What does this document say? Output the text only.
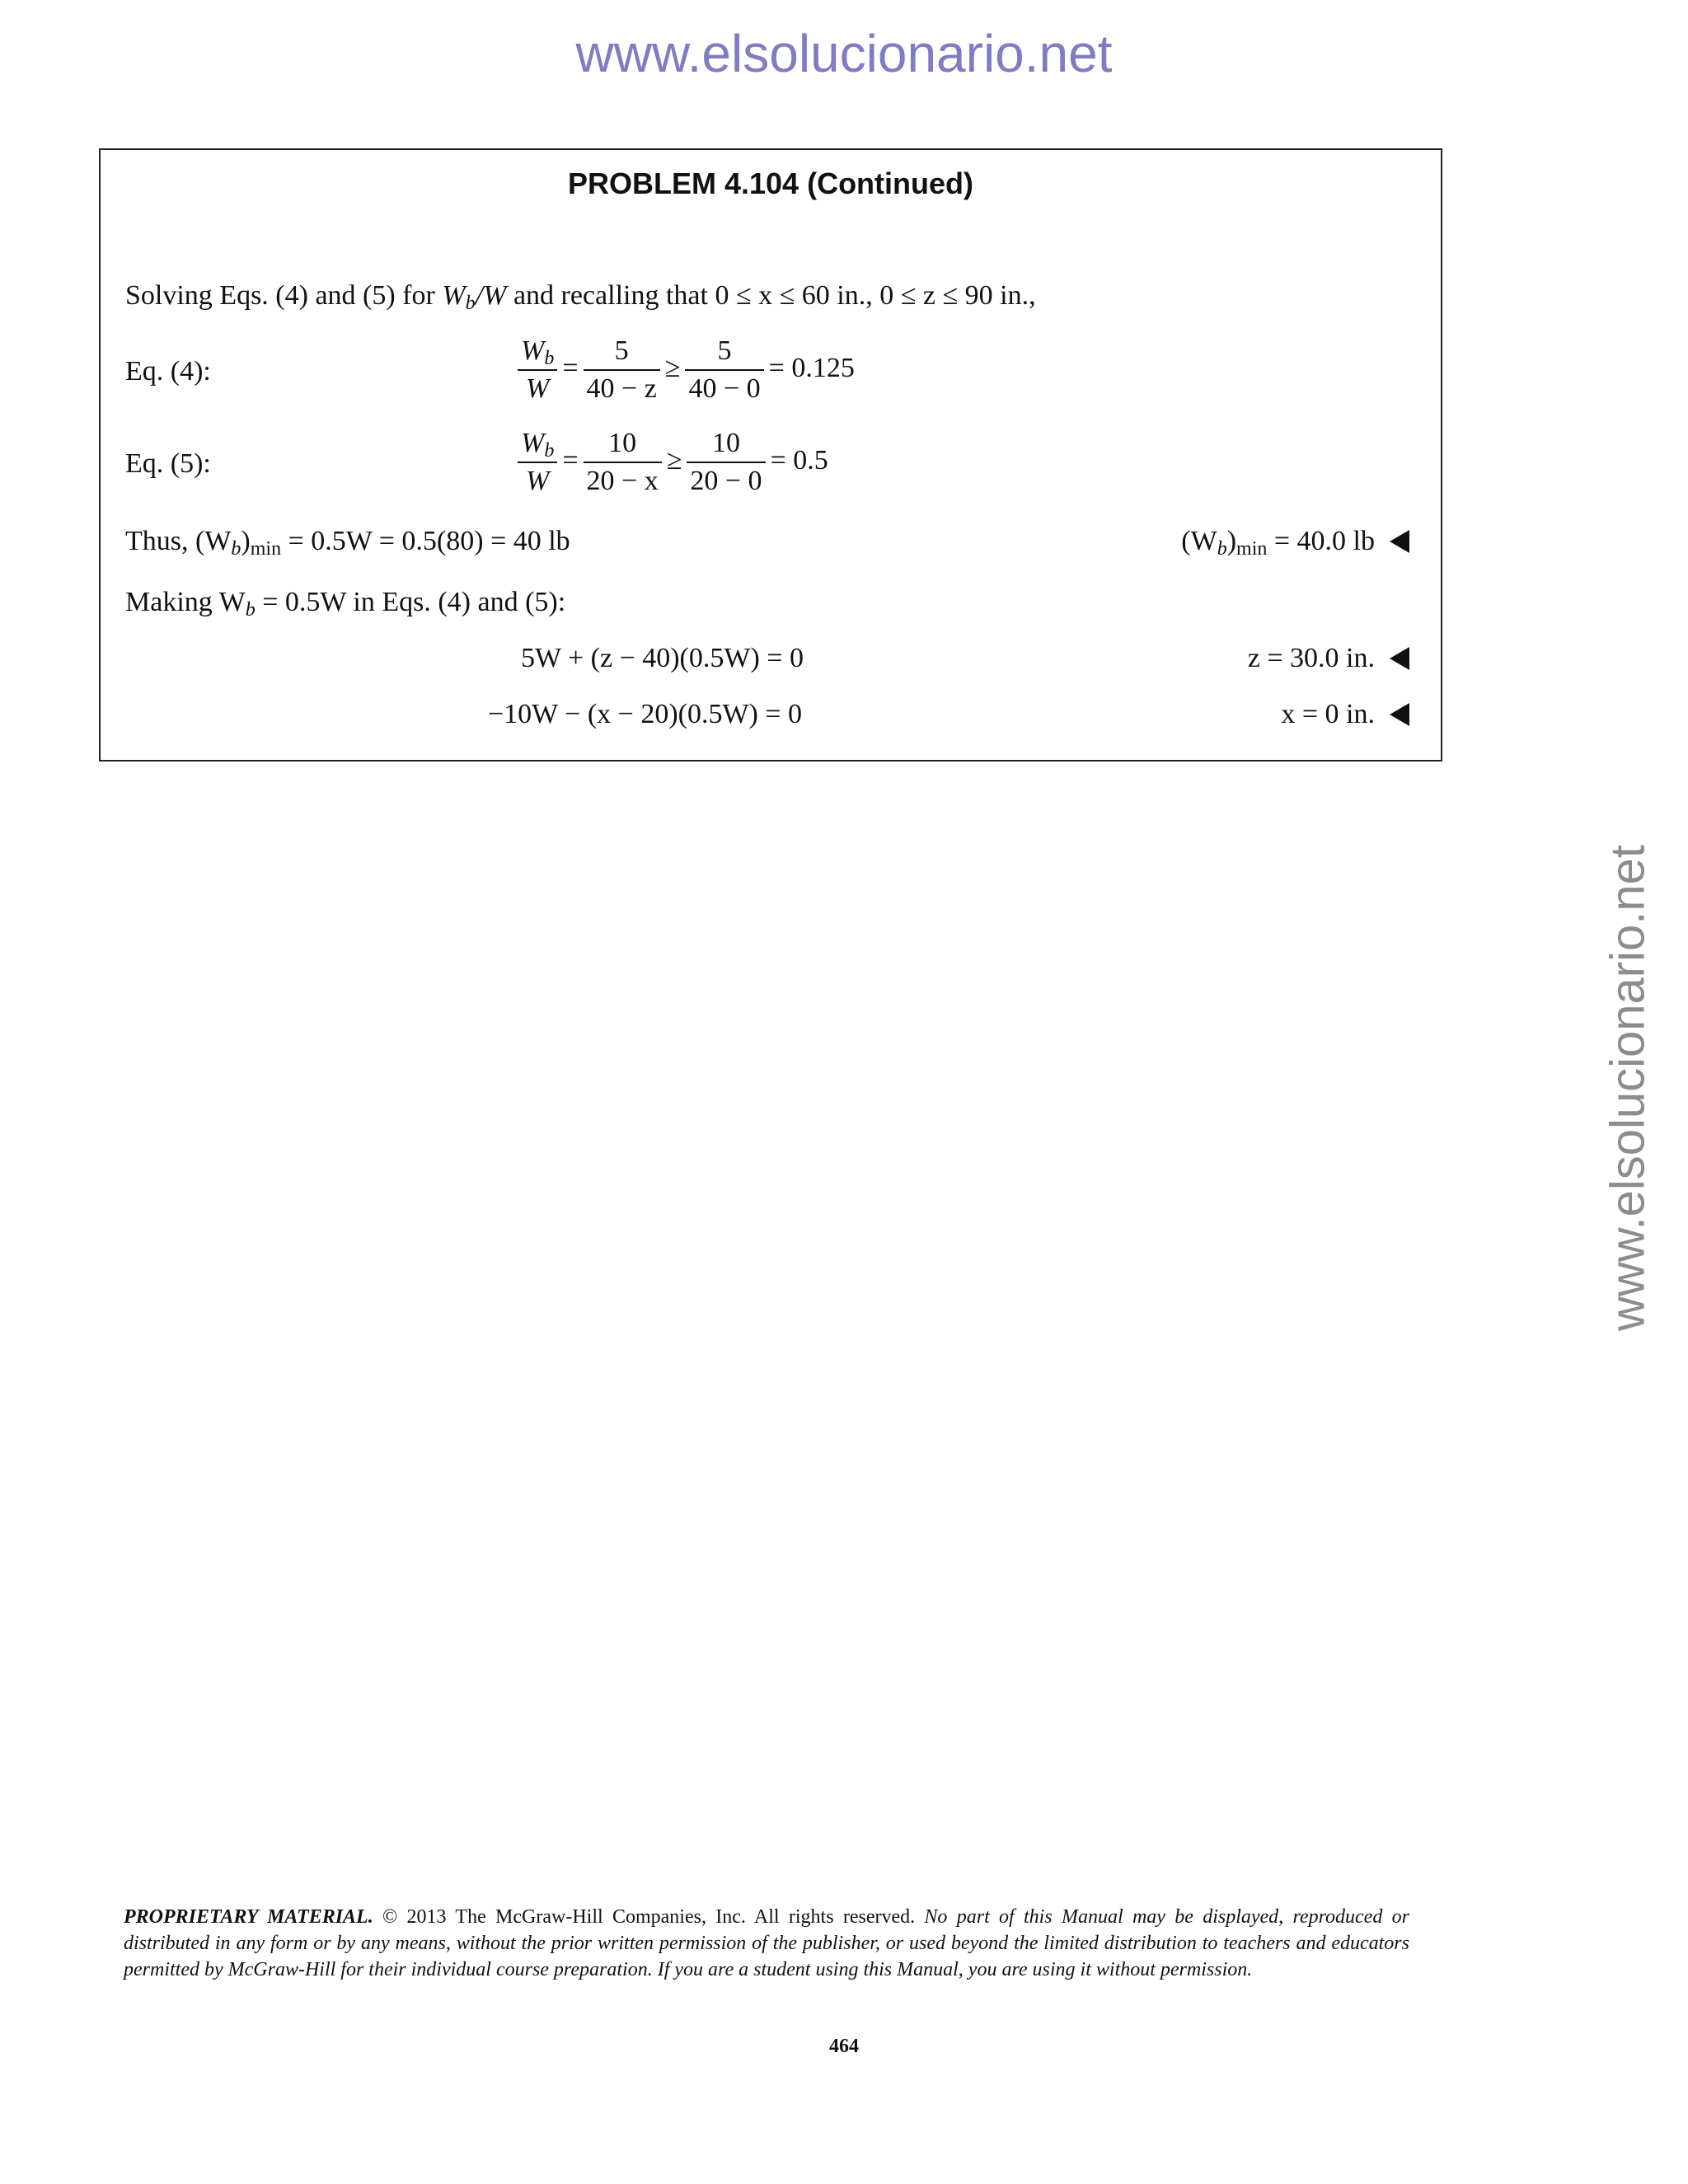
www.elsolucionario.net
www.elsolucionario.net
PROBLEM 4.104 (Continued)
Solving Eqs. (4) and (5) for $W_b/W$ and recalling that 0 ≤ x ≤ 60 in., 0 ≤ z ≤ 90 in.,
Eq. (4):	$\frac{W_b}{W} = \frac{5}{40 - z} \ge \frac{5}{40 - 0} = 0.125$
Eq. (5):	$\frac{W_b}{W} = \frac{10}{20 - x} \ge \frac{10}{20 - 0} = 0.5$
Thus, $(W_b)_{min} = 0.5W = 0.5(80) = 40$ lb	$(W_b)_{min} = 40.0$ lb
Making $W_b = 0.5W$ in Eqs. (4) and (5):
5W + (z − 40)(0.5W) = 0	z = 30.0 in.
−10W − (x − 20)(0.5W) = 0	x = 0 in.
PROPRIETARY MATERIAL. © 2013 The McGraw-Hill Companies, Inc. All rights reserved. No part of this Manual may be displayed, reproduced or distributed in any form or by any means, without the prior written permission of the publisher, or used beyond the limited distribution to teachers and educators permitted by McGraw-Hill for their individual course preparation. If you are a student using this Manual, you are using it without permission.
464
